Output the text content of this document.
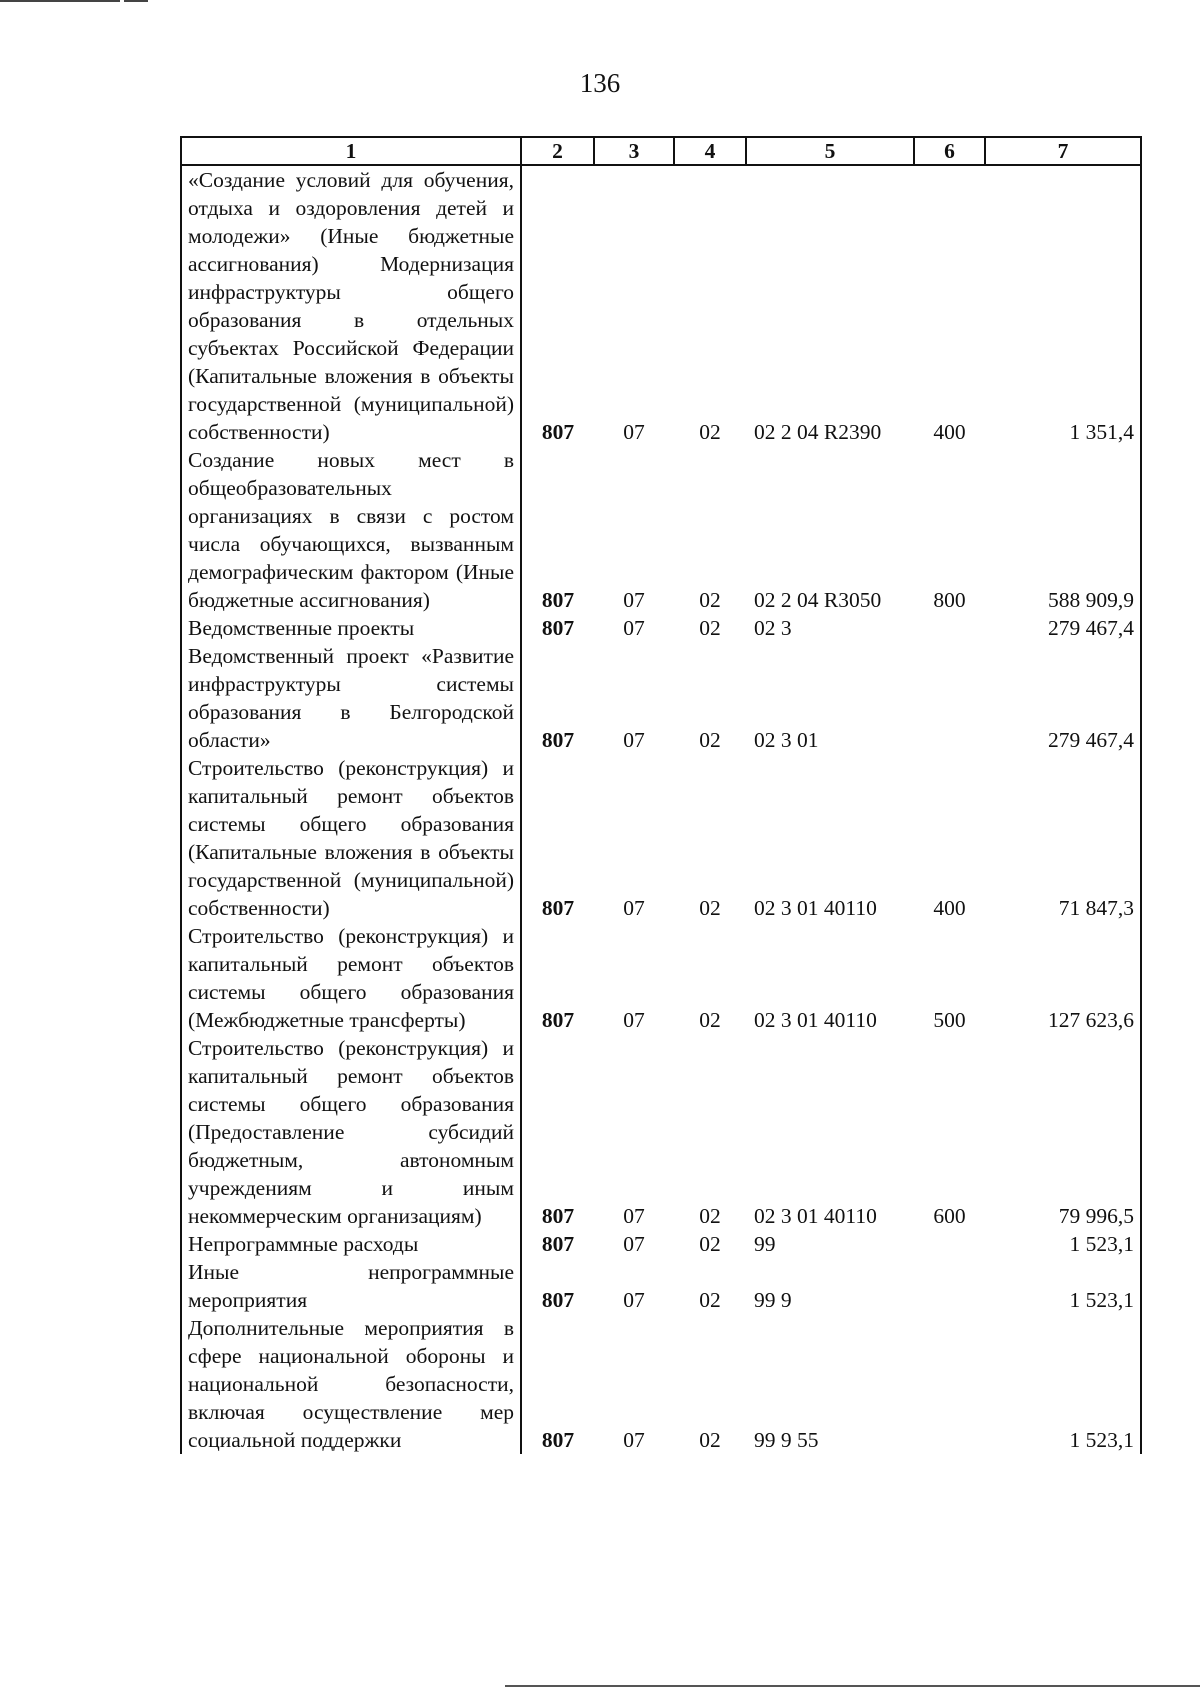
136
1	2	3	4	5	6	7
«Создание условий для обучения, отдыха и оздоровления детей и молодежи» (Иные бюджетные ассигнования) Модернизация инфраструктуры общего образования в отдельных субъектах Российской Федерации (Капитальные вложения в объекты государственной (муниципальной) собственности)	807	07	02	02 2 04 R2390	400	1 351,4
Создание новых мест в общеобразовательных организациях в связи с ростом числа обучающихся, вызванным демографическим фактором (Иные бюджетные ассигнования)	807	07	02	02 2 04 R3050	800	588 909,9
Ведомственные проекты	807	07	02	02 3		279 467,4
Ведомственный проект «Развитие инфраструктуры системы образования в Белгородской области»	807	07	02	02 3 01		279 467,4
Строительство (реконструкция) и капитальный ремонт объектов системы общего образования (Капитальные вложения в объекты государственной (муниципальной) собственности)	807	07	02	02 3 01 40110	400	71 847,3
Строительство (реконструкция) и капитальный ремонт объектов системы общего образования (Межбюджетные трансферты)	807	07	02	02 3 01 40110	500	127 623,6
Строительство (реконструкция) и капитальный ремонт объектов системы общего образования (Предоставление субсидий бюджетным, автономным учреждениям и иным некоммерческим организациям)	807	07	02	02 3 01 40110	600	79 996,5
Непрограммные расходы	807	07	02	99		1 523,1
Иные непрограммные мероприятия	807	07	02	99 9		1 523,1
Дополнительные мероприятия в сфере национальной обороны и национальной безопасности, включая осуществление мер социальной поддержки	807	07	02	99 9 55		1 523,1
